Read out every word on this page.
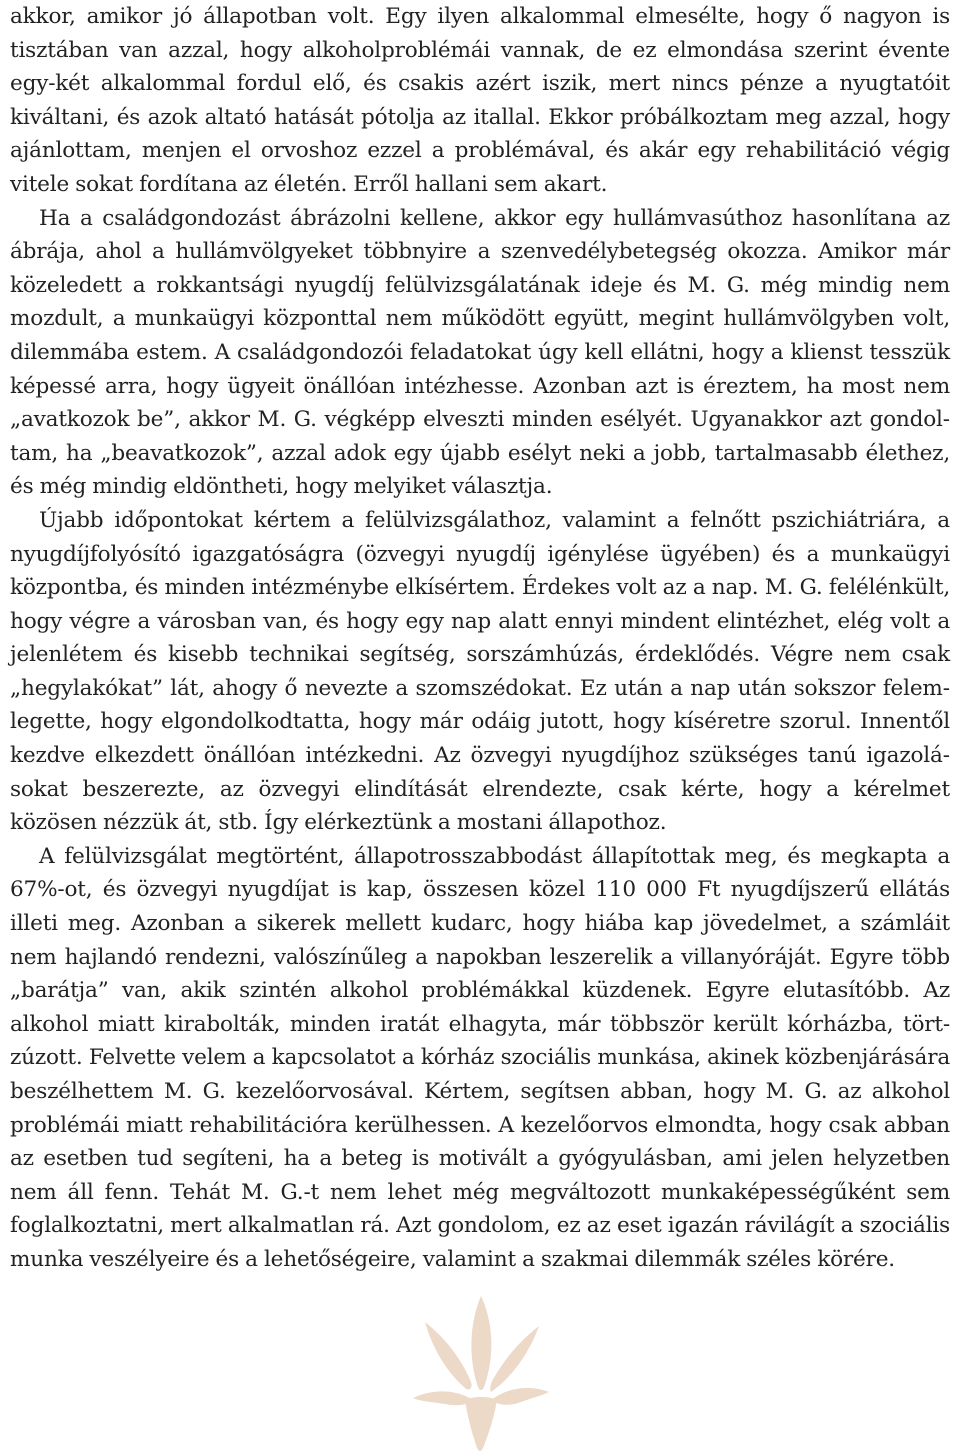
akkor, amikor jó állapotban volt. Egy ilyen alkalommal elmesélte, hogy ő nagyon is tisztában van azzal, hogy alkoholproblémái vannak, de ez elmondása szerint évente egy-két alkalommal fordul elő, és csakis azért iszik, mert nincs pénze a nyugtatóit kiváltani, és azok altató hatását pótolja az itallal. Ekkor próbálkoztam meg azzal, hogy ajánlottam, menjen el orvoshoz ezzel a problémával, és akár egy rehabilitáció végig vitele sokat fordítana az életén. Erről hallani sem akart.

Ha a családgondozást ábrázolni kellene, akkor egy hullámvasúthoz hasonlítana az ábrája, ahol a hullámvölgyeket többnyire a szenvedélybetegség okozza. Amikor már közeledett a rokkantsági nyugdíj felülvizsgálatának ideje és M. G. még mindig nem mozdult, a munkaügyi központtal nem működött együtt, megint hullámvölgyben volt, dilemmába estem. A családgondozói feladatokat úgy kell ellátni, hogy a klienst tesszük képessé arra, hogy ügyeit önállóan intézhesse. Azonban azt is éreztem, ha most nem „avatkozok be”, akkor M. G. végképp elveszti minden esélyét. Ugyanakkor azt gondoltam, ha „beavatkozok”, azzal adok egy újabb esélyt neki a jobb, tartalmasabb élethez, és még mindig eldöntheti, hogy melyiket választja.

Újabb időpontokat kértem a felülvizsgálathoz, valamint a felnőtt pszichiátriára, a nyugdíjfolyósító igazgatóságra (özvegyi nyugdíj igénylése ügyében) és a munkaügyi központba, és minden intézménybe elkísértem. Érdekes volt az a nap. M. G. felélénkült, hogy végre a városban van, és hogy egy nap alatt ennyi mindent elintézhet, elég volt a jelenlétem és kisebb technikai segítség, sorszámhúzás, érdeklődés. Végre nem csak „hegylakókat” lát, ahogy ő nevezte a szomszédokat. Ez után a nap után sokszor felemlegette, hogy elgondolkodtatta, hogy már odáig jutott, hogy kíséretre szorul. Innentől kezdve elkezdett önállóan intézkedni. Az özvegyi nyugdíjhoz szükséges tanú igazolásokat beszerezte, az özvegyi elindítását elrendezte, csak kérte, hogy a kérelmet közösen nézzük át, stb. Így elérkeztünk a mostani állapothoz.

A felülvizsgálat megtörtént, állapotrosszabbodást állapítottak meg, és megkapta a 67%-ot, és özvegyi nyugdíjat is kap, összesen közel 110 000 Ft nyugdíjszerű ellátás illeti meg. Azonban a sikerek mellett kudarc, hogy hiába kap jövedelmet, a számláit nem hajlandó rendezni, valószínűleg a napokban leszerelik a villanyóráját. Egyre több „barátja” van, akik szintén alkohol problémákkal küzdenek. Egyre elutasítóbb. Az alkohol miatt kirabolták, minden iratát elhagyta, már többször került kórházba, tört-zúzott. Felvette velem a kapcsolatot a kórház szociális munkása, akinek közbenjárására beszélhettem M. G. kezelőorvosával. Kértem, segítsen abban, hogy M. G. az alkohol problémái miatt rehabilitációra kerülhessen. A kezelőorvos elmondta, hogy csak abban az esetben tud segíteni, ha a beteg is motivált a gyógyulásban, ami jelen helyzetben nem áll fenn. Tehát M. G.-t nem lehet még megváltozott munkaképességűként sem foglalkoztatni, mert alkalmatlan rá. Azt gondolom, ez az eset igazán rávilágít a szociális munka veszélyeire és a lehetőségeire, valamint a szakmai dilemmák széles körére.
